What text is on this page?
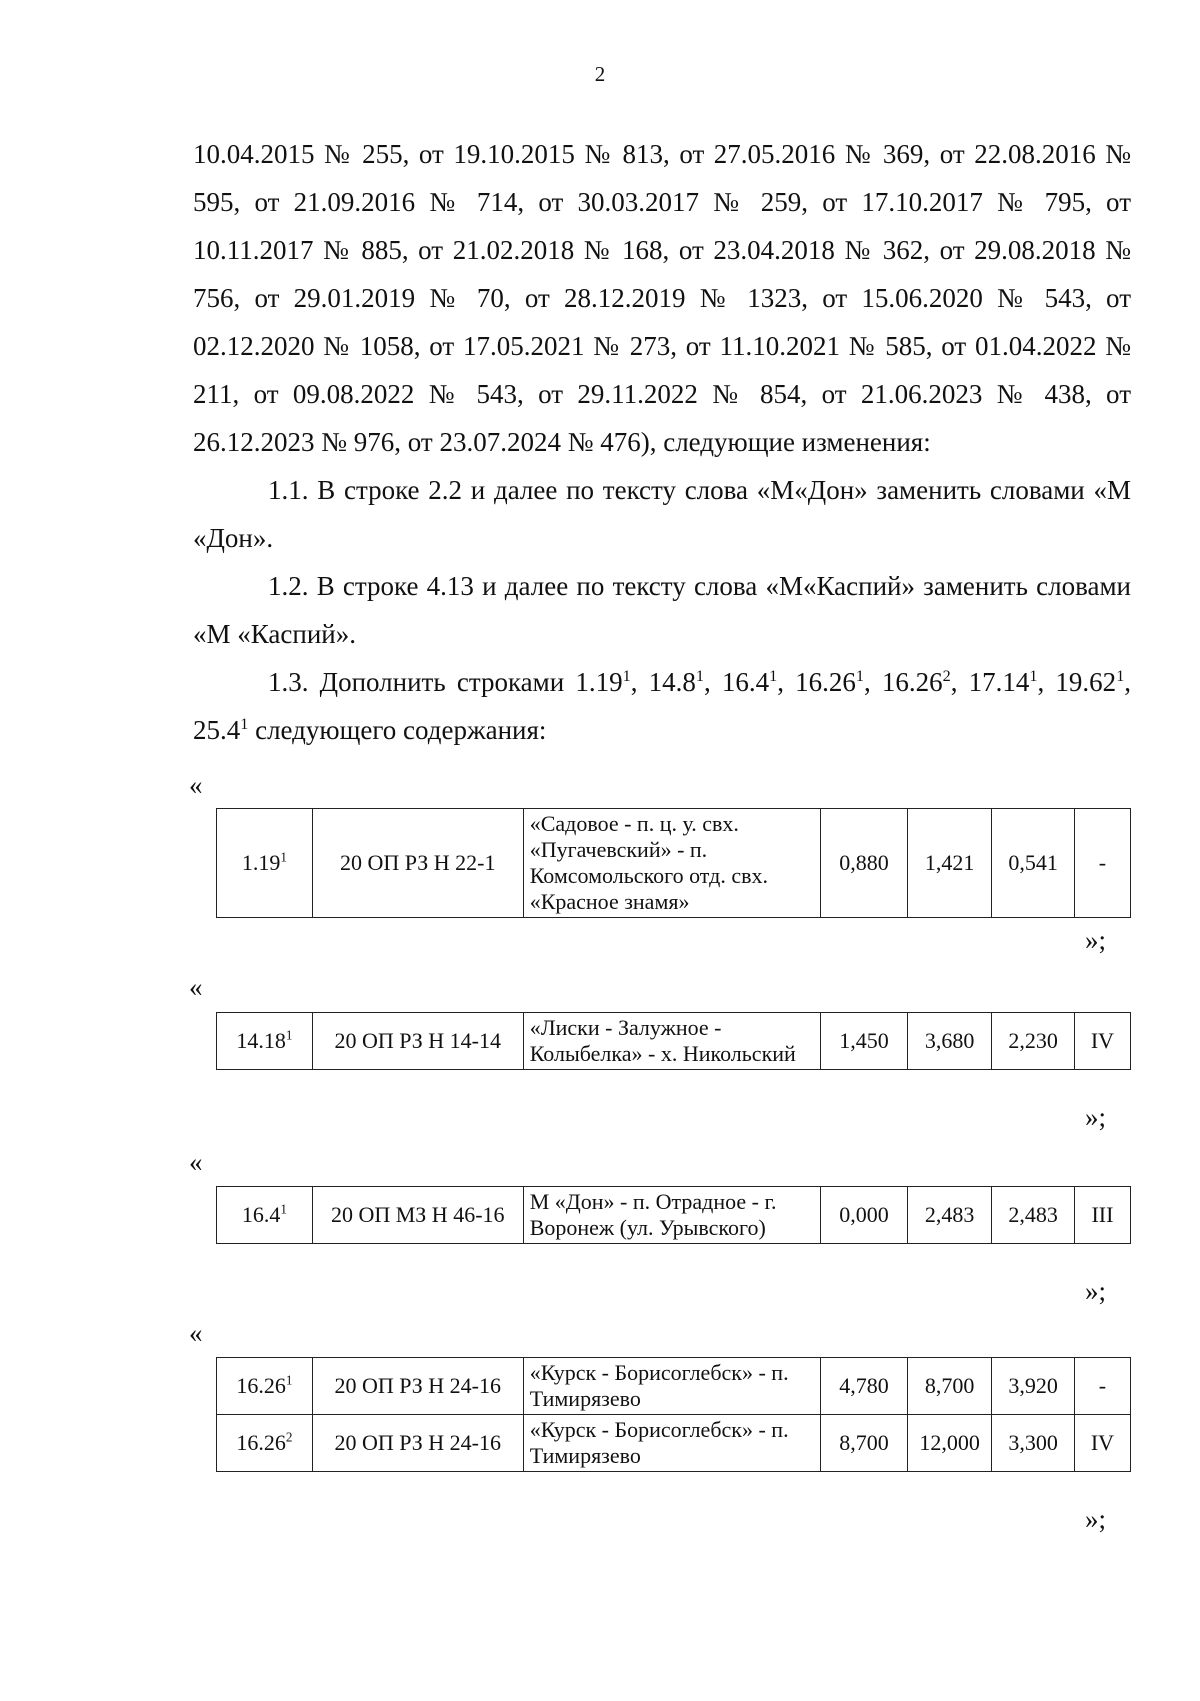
2

10.04.2015 № 255, от 19.10.2015 № 813, от 27.05.2016 № 369, от 22.08.2016 № 595, от 21.09.2016 № 714, от 30.03.2017 № 259, от 17.10.2017 № 795, от 10.11.2017 № 885, от 21.02.2018 № 168, от 23.04.2018 № 362, от 29.08.2018 № 756, от 29.01.2019 № 70, от 28.12.2019 № 1323, от 15.06.2020 № 543, от 02.12.2020 № 1058, от 17.05.2021 № 273, от 11.10.2021 № 585, от 01.04.2022 № 211, от 09.08.2022 № 543, от 29.11.2022 № 854, от 21.06.2023 № 438, от 26.12.2023 № 976, от 23.07.2024 № 476), следующие изменения:

1.1. В строке 2.2 и далее по тексту слова «М«Дон» заменить словами «М «Дон».

1.2. В строке 4.13 и далее по тексту слова «М«Каспий» заменить словами «М «Каспий».

1.3. Дополнить строками 1.19$^1$, 14.8$^1$, 16.4$^1$, 16.26$^1$, 16.26$^2$, 17.14$^1$, 19.62$^1$, 25.4$^1$ следующего содержания:

«
1.19$^1$	20 ОП РЗ Н 22-1	«Садовое - п. ц. у. свх. «Пугачевский» - п. Комсомольского отд. свх. «Красное знамя»	0,880	1,421	0,541	-
»;
«
14.18$^1$	20 ОП РЗ Н 14-14	«Лиски - Залужное - Колыбелка» - х. Никольский	1,450	3,680	2,230	IV
»;
«
16.4$^1$	20 ОП МЗ Н 46-16	М «Дон» - п. Отрадное - г. Воронеж (ул. Урывского)	0,000	2,483	2,483	III
»;
«
16.26$^1$	20 ОП РЗ Н 24-16	«Курск - Борисоглебск» - п. Тимирязево	4,780	8,700	3,920	-
16.26$^2$	20 ОП РЗ Н 24-16	«Курск - Борисоглебск» - п. Тимирязево	8,700	12,000	3,300	IV
»;
